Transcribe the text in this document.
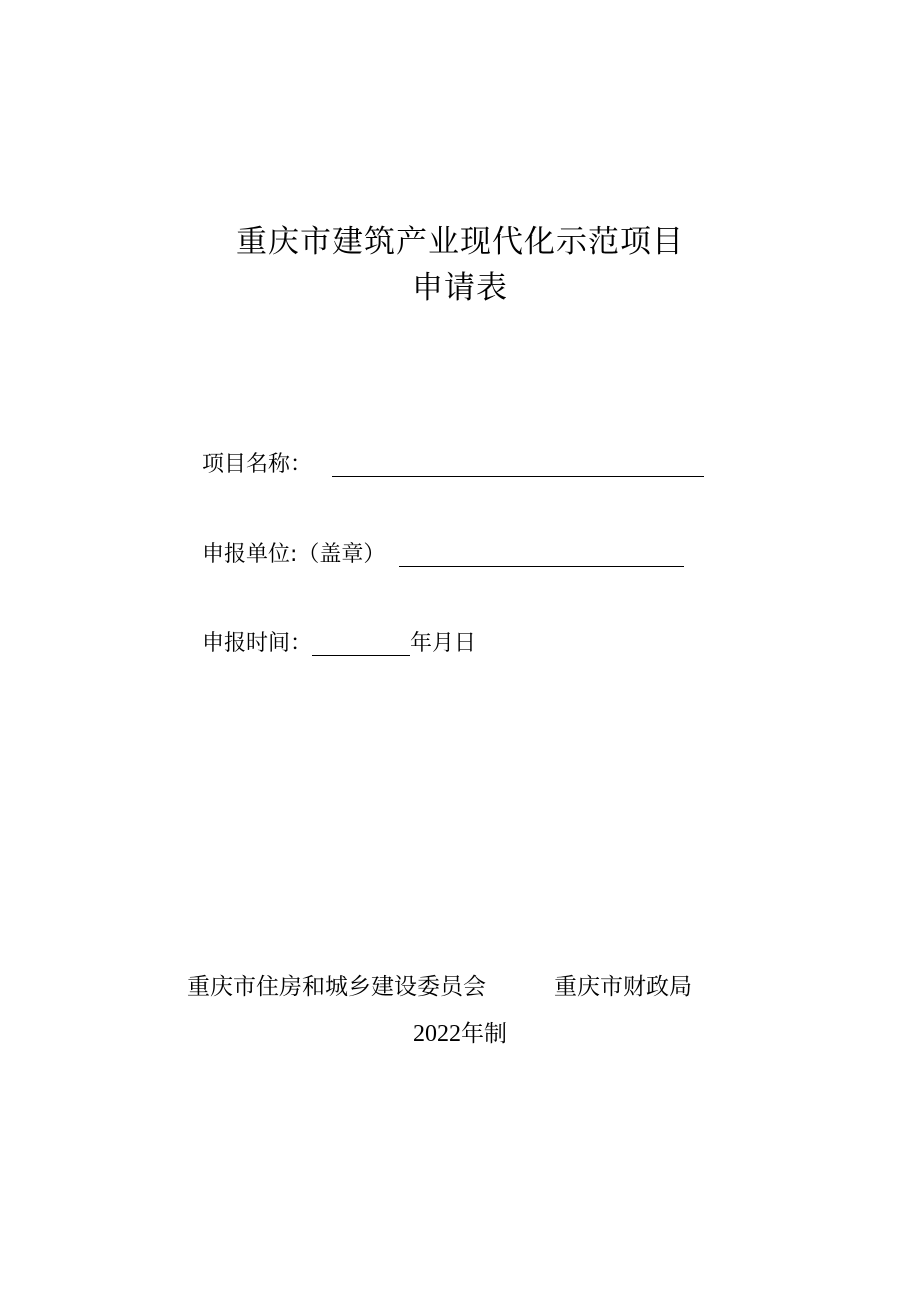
重庆市建筑产业现代化示范项目
申请表
项目名称：
申报单位:（盖章）
申报时间：	年月日
重庆市住房和城乡建设委员会	重庆市财政局
2022年制
